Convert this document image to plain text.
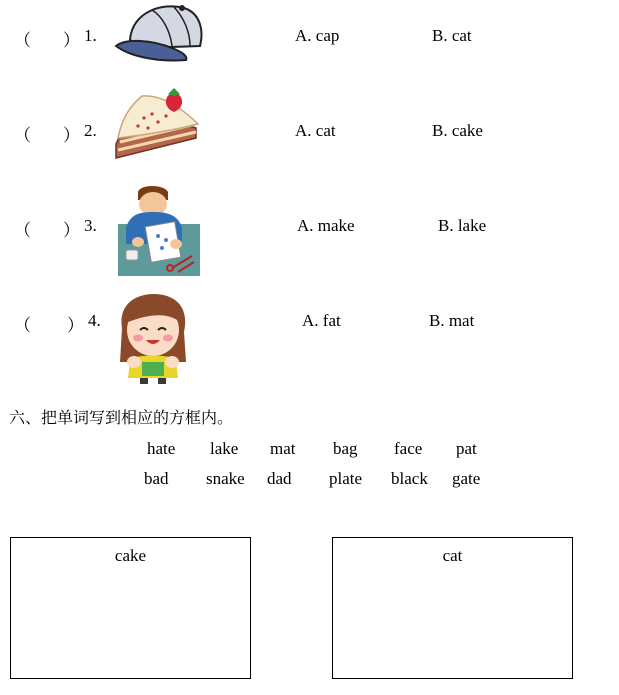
（ ） 1.	A. cap	B. cat
（ ） 2.	A. cat	B. cake
（ ） 3.	A. make	B. lake
（ ） 4.	A. fat	B. mat
六、把单词写到相应的方框内。
hate lake mat bag face pat
bad snake dad plate black gate
cake	cat
